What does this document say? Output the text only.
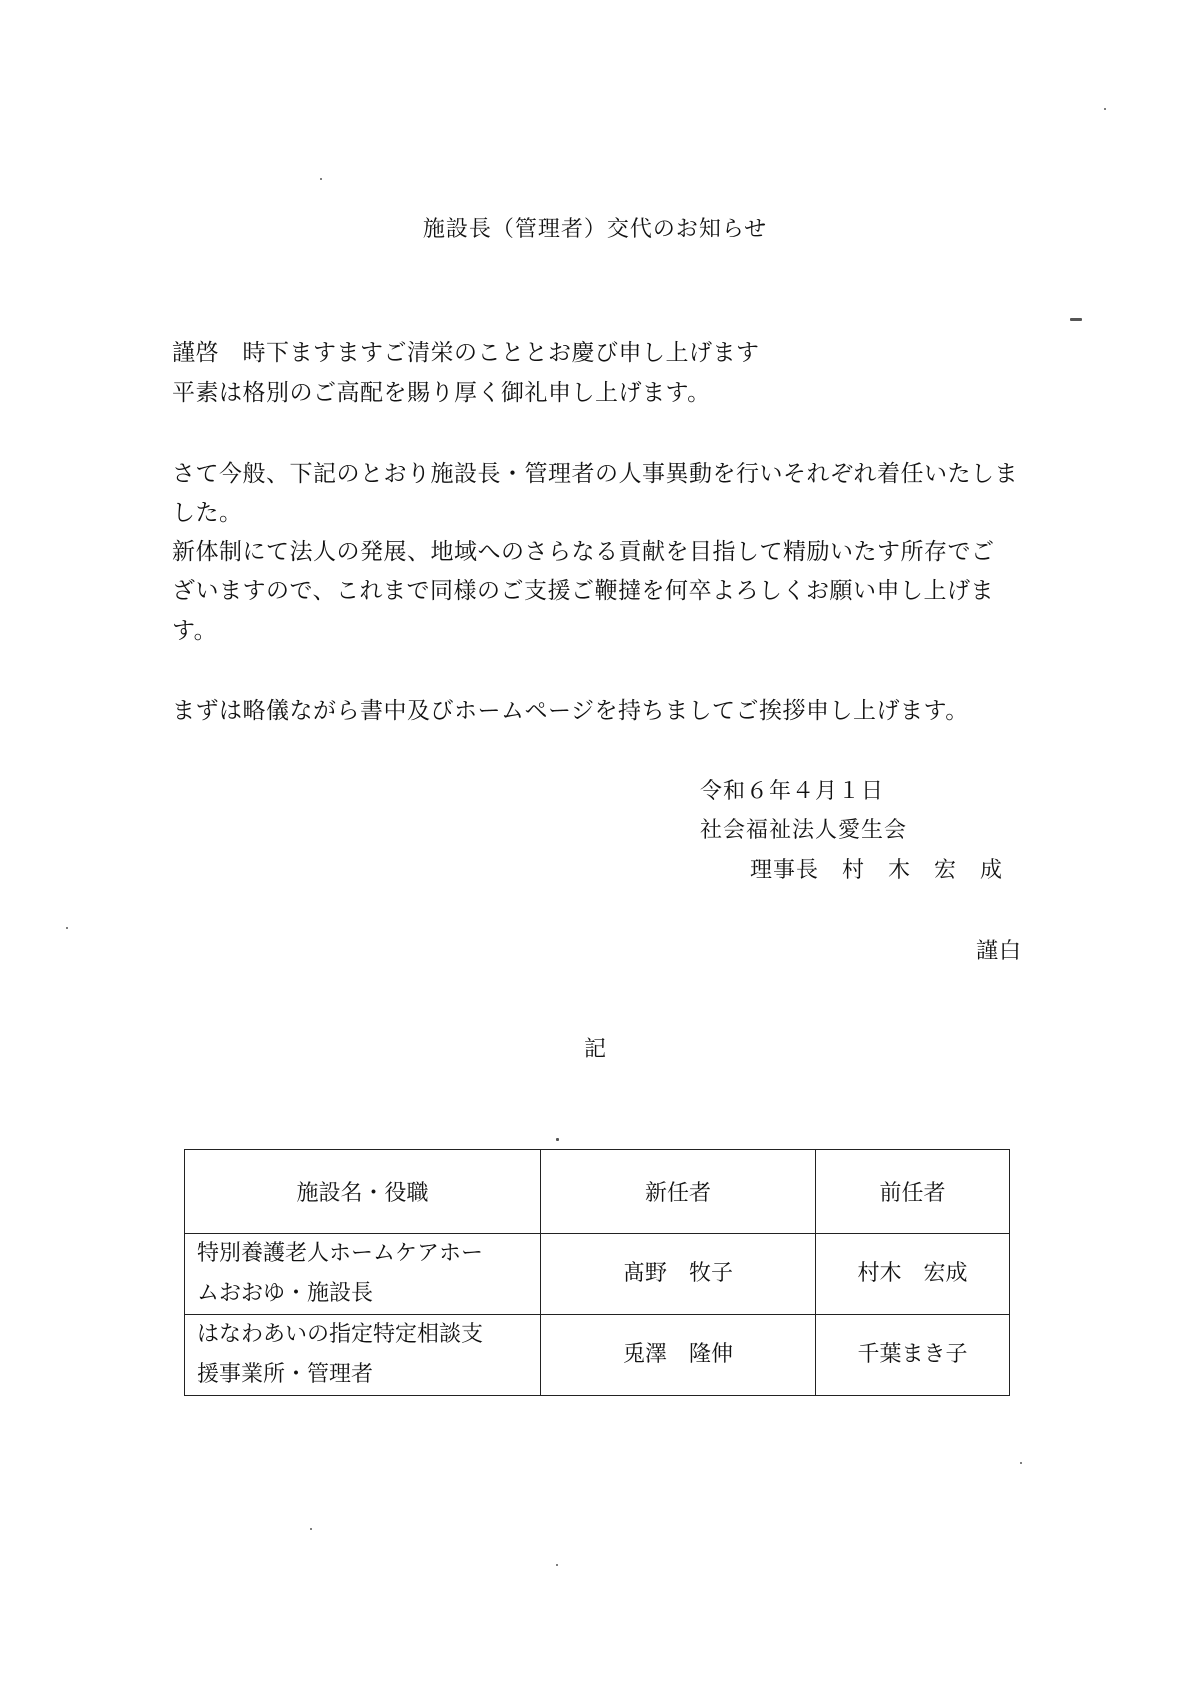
施設長（管理者）交代のお知らせ
謹啓　時下ますますご清栄のこととお慶び申し上げます
平素は格別のご高配を賜り厚く御礼申し上げます。
さて今般、下記のとおり施設長・管理者の人事異動を行いそれぞれ着任いたしま
した。
新体制にて法人の発展、地域へのさらなる貢献を目指して精励いたす所存でご
ざいますので、これまで同様のご支援ご鞭撻を何卒よろしくお願い申し上げま
す。
まずは略儀ながら書中及びホームページを持ちましてご挨拶申し上げます。
令和６年４月１日
社会福祉法人愛生会
理事長　村　木　宏　成
謹白
記
施設名・役職	新任者	前任者

特別養護老人ホームケアホー
ムおおゆ・施設長	髙野　牧子	村木　宏成

はなわあいの指定特定相談支
援事業所・管理者	兎澤　隆伸	千葉まき子
